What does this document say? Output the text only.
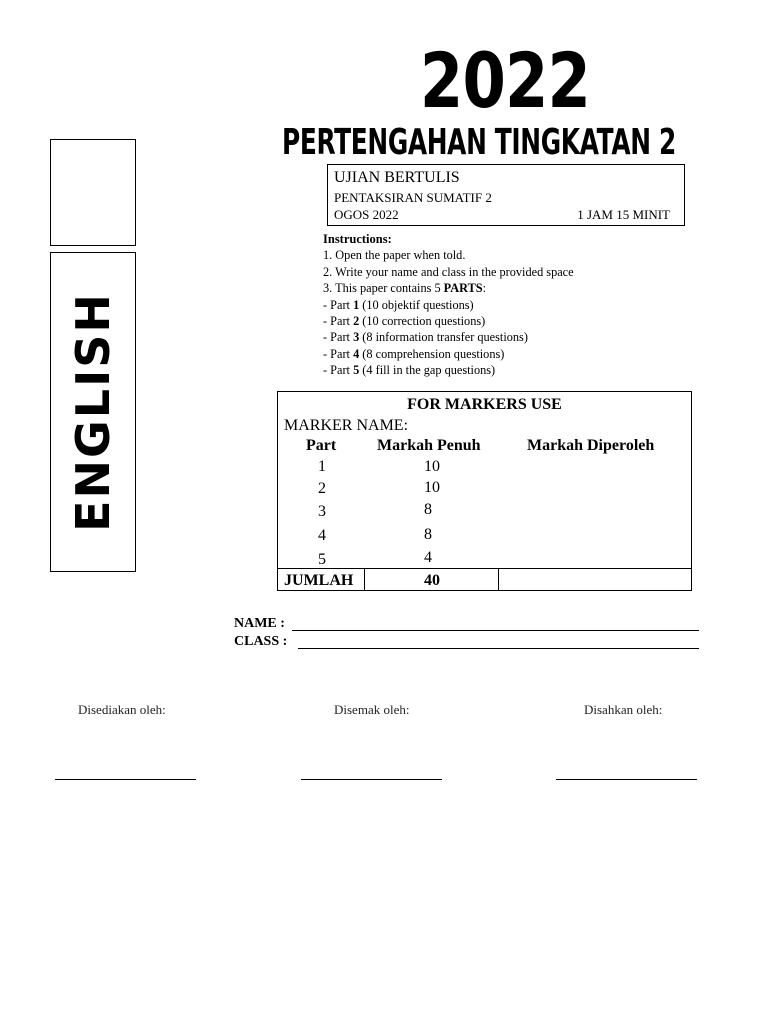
2022
PERTENGAHAN TINGKATAN 2
ENGLISH
UJIAN BERTULIS
PENTAKSIRAN SUMATIF 2
OGOS 2022	1 JAM 15 MINIT
Instructions:
1. Open the paper when told.
2. Write your name and class in the provided space
3. This paper contains 5 PARTS:
- Part 1 (10 objektif questions)
- Part 2 (10 correction questions)
- Part 3 (8 information transfer questions)
- Part 4 (8 comprehension questions)
- Part 5 (4 fill in the gap questions)
FOR MARKERS USE
MARKER NAME:
Part	Markah Penuh	Markah Diperoleh
1	10
2	10
3	8
4	8
5	4
JUMLAH	40
NAME :
CLASS :
Disediakan oleh:	Disemak oleh:	Disahkan oleh:
